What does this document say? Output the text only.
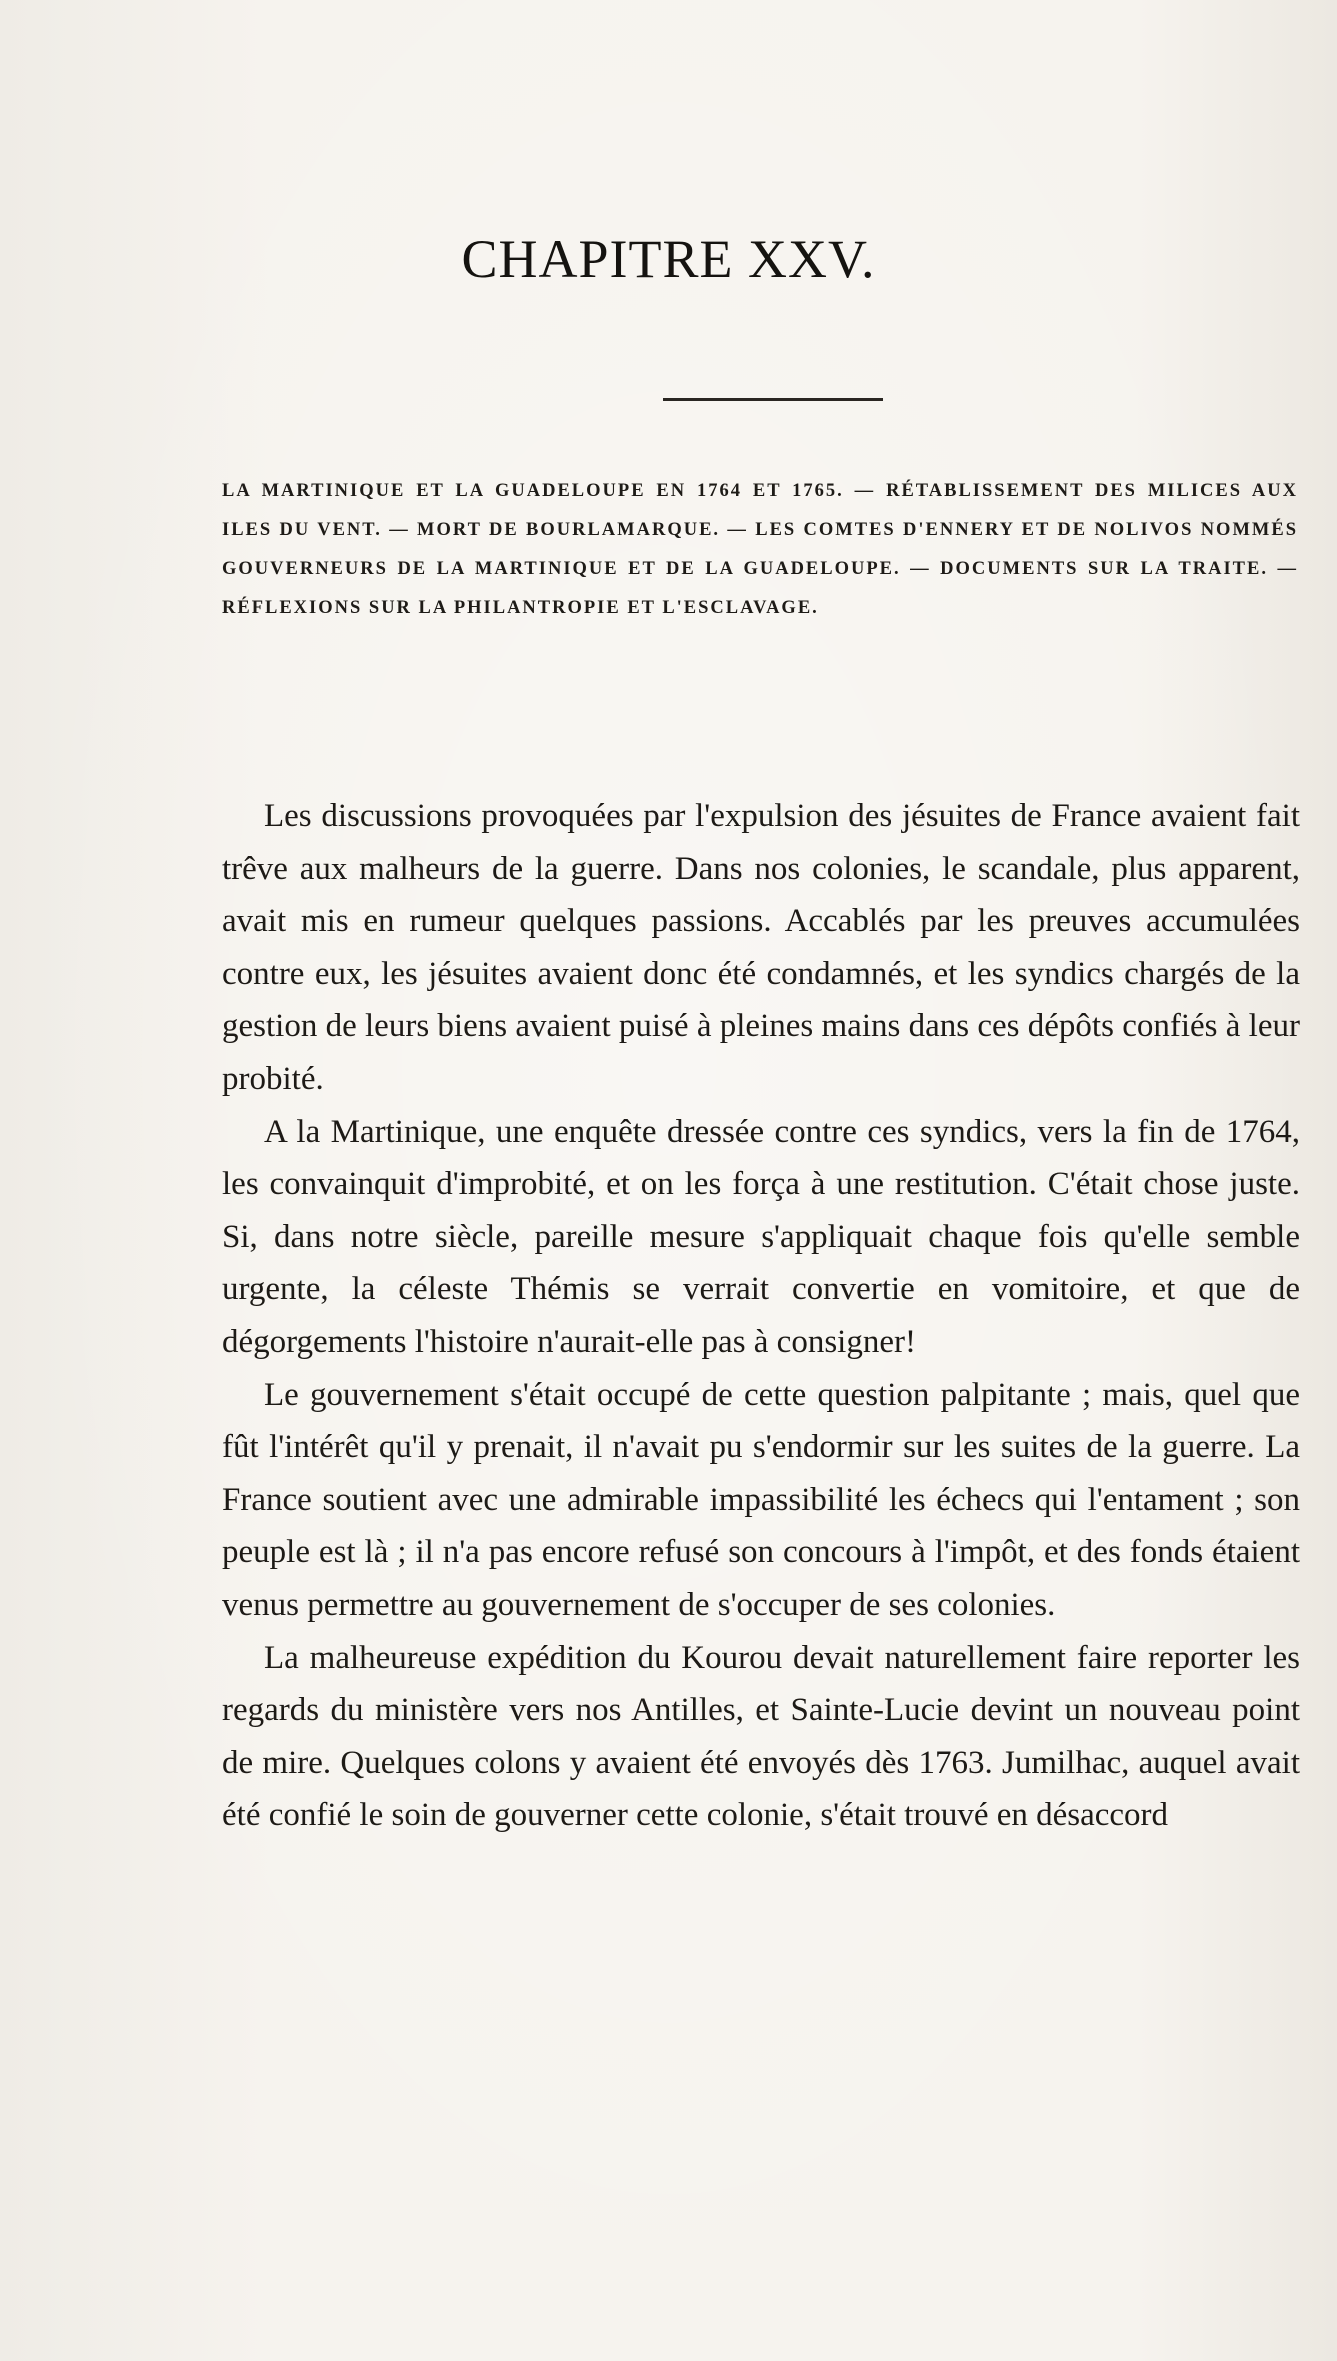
CHAPITRE XXV.
LA MARTINIQUE ET LA GUADELOUPE EN 1764 ET 1765. — RÉTABLISSEMENT DES MILICES AUX ILES DU VENT. — MORT DE BOURLAMARQUE. — LES COMTES D'ENNERY ET DE NOLIVOS NOMMÉS GOUVERNEURS DE LA MARTINIQUE ET DE LA GUADELOUPE. — DOCUMENTS SUR LA TRAITE. — RÉFLEXIONS SUR LA PHILANTROPIE ET L'ESCLAVAGE.

Les discussions provoquées par l'expulsion des jésuites de France avaient fait trêve aux malheurs de la guerre. Dans nos colonies, le scandale, plus apparent, avait mis en rumeur quelques passions. Accablés par les preuves accumulées contre eux, les jésuites avaient donc été condamnés, et les syndics chargés de la gestion de leurs biens avaient puisé à pleines mains dans ces dépôts confiés à leur probité.

A la Martinique, une enquête dressée contre ces syndics, vers la fin de 1764, les convainquit d'improbité, et on les força à une restitution. C'était chose juste. Si, dans notre siècle, pareille mesure s'appliquait chaque fois qu'elle semble urgente, la céleste Thémis se verrait convertie en vomitoire, et que de dégorgements l'histoire n'aurait-elle pas à consigner!

Le gouvernement s'était occupé de cette question palpitante ; mais, quel que fût l'intérêt qu'il y prenait, il n'avait pu s'endormir sur les suites de la guerre. La France soutient avec une admirable impassibilité les échecs qui l'entament ; son peuple est là ; il n'a pas encore refusé son concours à l'impôt, et des fonds étaient venus permettre au gouvernement de s'occuper de ses colonies.

La malheureuse expédition du Kourou devait naturellement faire reporter les regards du ministère vers nos Antilles, et Sainte-Lucie devint un nouveau point de mire. Quelques colons y avaient été envoyés dès 1763. Jumilhac, auquel avait été confié le soin de gouverner cette colonie, s'était trouvé en désaccord
